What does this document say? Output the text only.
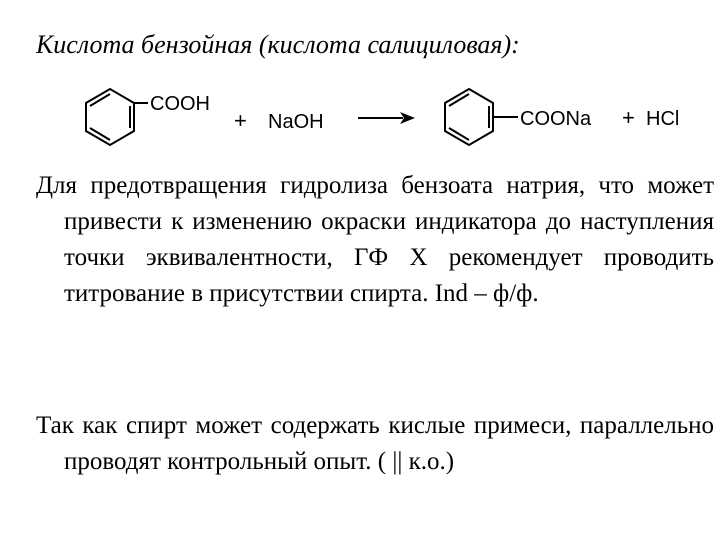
Кислота бензойная (кислота салициловая):
COOH
+ NaOH	COONa + HCl

Для предотвращения гидролиза бензоата натрия, что может привести к изменению окраски индикатора до наступления точки эквивалентности, ГФ Х рекомендует проводить титрование в присутствии спирта. Ind – ф/ф.

Так как спирт может содержать кислые примеси, параллельно проводят контрольный опыт. ( || к.о.)
